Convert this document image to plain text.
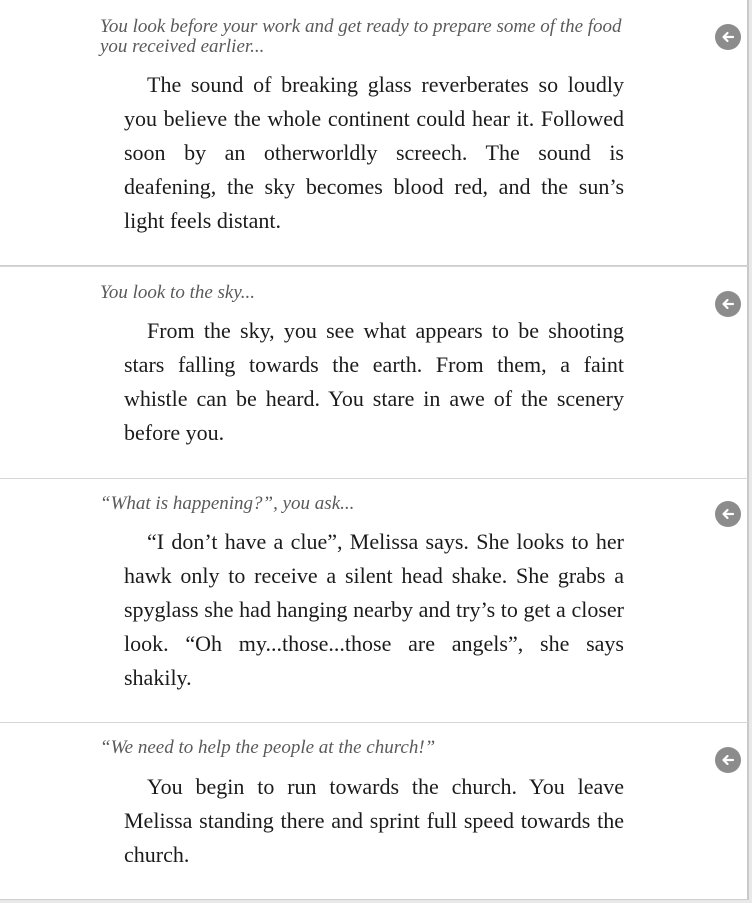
You look before your work and get ready to prepare some of the food you received earlier...

The sound of breaking glass reverberates so loudly you believe the whole continent could hear it. Followed soon by an otherworldly screech. The sound is deafening, the sky becomes blood red, and the sun’s light feels distant.

You look to the sky...

From the sky, you see what appears to be shooting stars falling towards the earth. From them, a faint whistle can be heard. You stare in awe of the scenery before you.

“What is happening?”, you ask...

“I don’t have a clue”, Melissa says. She looks to her hawk only to receive a silent head shake. She grabs a spyglass she had hanging nearby and try’s to get a closer look. “Oh my...those...those are angels”, she says shakily.

“We need to help the people at the church!”

You begin to run towards the church. You leave Melissa standing there and sprint full speed towards the church.
